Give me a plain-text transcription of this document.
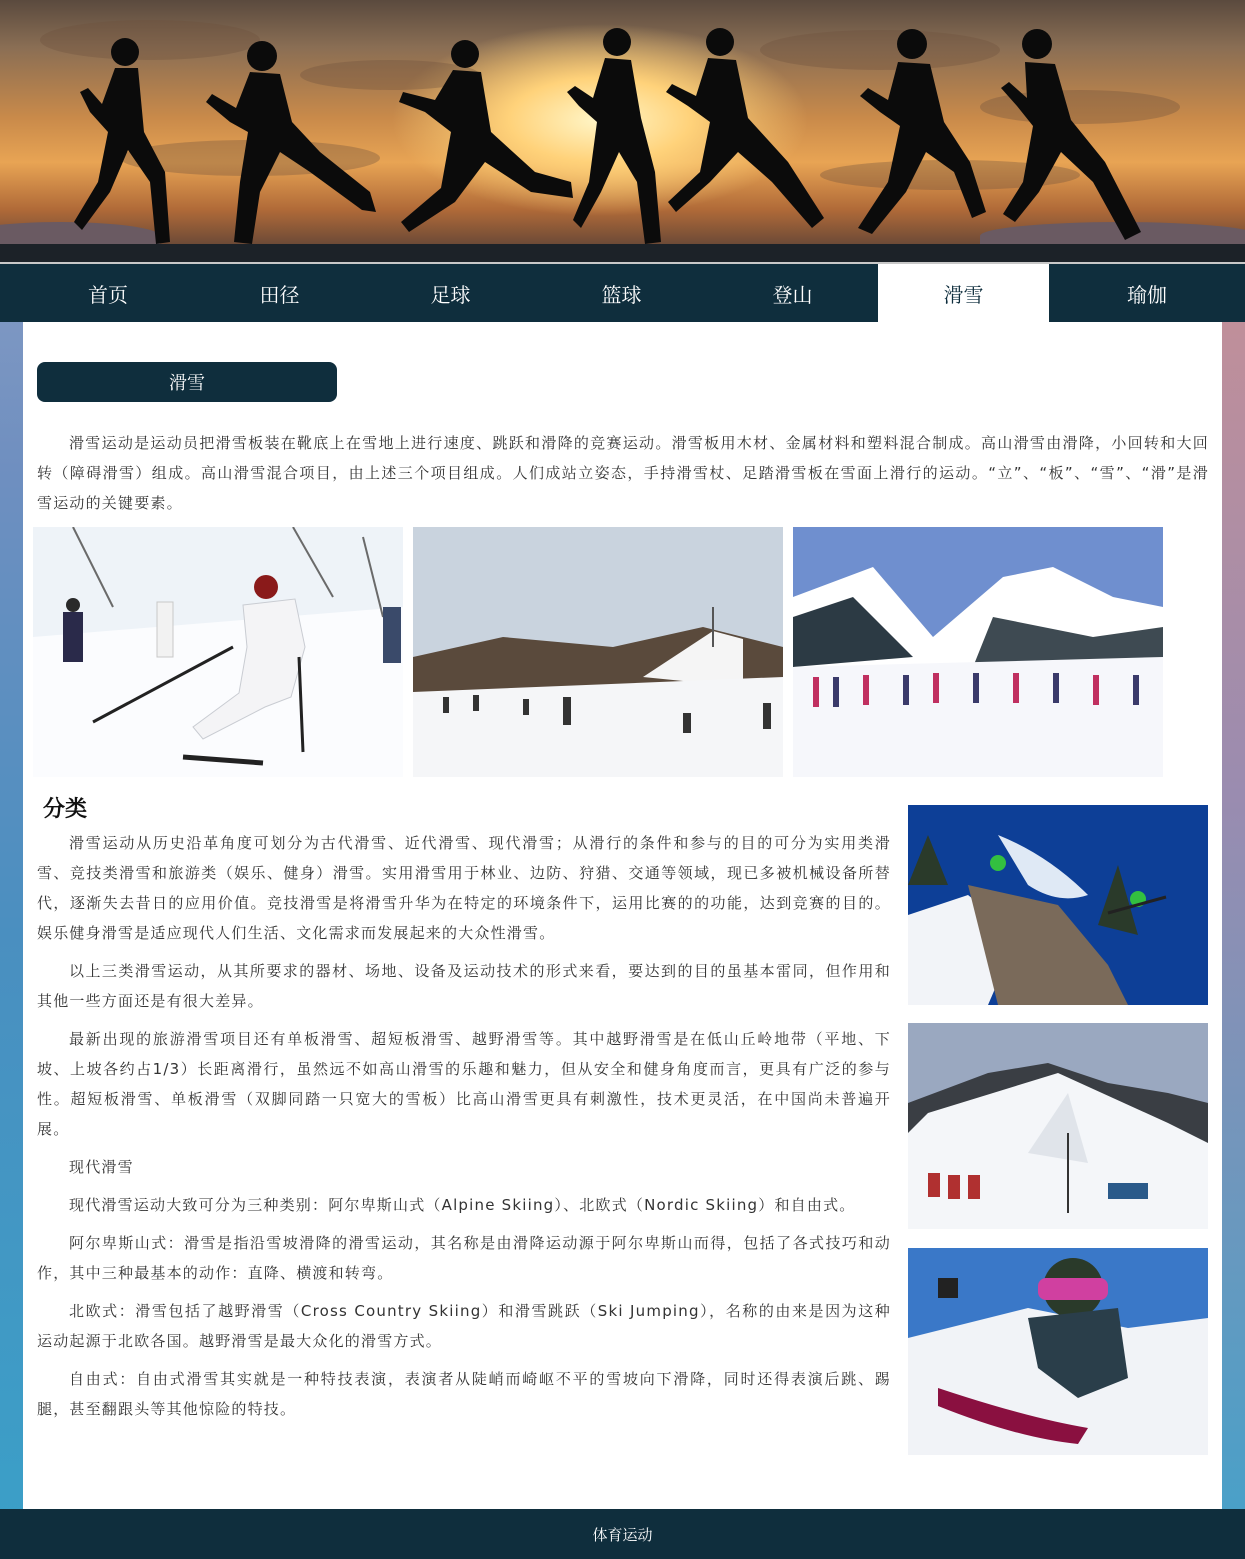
首页	田径	足球	篮球	登山	滑雪	瑜伽
滑雪

滑雪运动是运动员把滑雪板装在靴底上在雪地上进行速度、跳跃和滑降的竞赛运动。滑雪板用木材、金属材料和塑料混合制成。高山滑雪由滑降，小回转和大回转（障碍滑雪）组成。高山滑雪混合项目，由上述三个项目组成。人们成站立姿态，手持滑雪杖、足踏滑雪板在雪面上滑行的运动。“立”、“板”、“雪”、“滑”是滑雪运动的关键要素。

分类

滑雪运动从历史沿革角度可划分为古代滑雪、近代滑雪、现代滑雪；从滑行的条件和参与的目的可分为实用类滑雪、竞技类滑雪和旅游类（娱乐、健身）滑雪。实用滑雪用于林业、边防、狩猎、交通等领域，现已多被机械设备所替代，逐渐失去昔日的应用价值。竞技滑雪是将滑雪升华为在特定的环境条件下，运用比赛的的功能，达到竞赛的目的。娱乐健身滑雪是适应现代人们生活、文化需求而发展起来的大众性滑雪。

以上三类滑雪运动，从其所要求的器材、场地、设备及运动技术的形式来看，要达到的目的虽基本雷同，但作用和其他一些方面还是有很大差异。

最新出现的旅游滑雪项目还有单板滑雪、超短板滑雪、越野滑雪等。其中越野滑雪是在低山丘岭地带（平地、下坡、上坡各约占1/3）长距离滑行，虽然远不如高山滑雪的乐趣和魅力，但从安全和健身角度而言，更具有广泛的参与性。超短板滑雪、单板滑雪（双脚同踏一只宽大的雪板）比高山滑雪更具有刺激性，技术更灵活，在中国尚未普遍开展。

现代滑雪

现代滑雪运动大致可分为三种类别：阿尔卑斯山式（Alpine Skiing）、北欧式（Nordic Skiing）和自由式。

阿尔卑斯山式：滑雪是指沿雪坡滑降的滑雪运动，其名称是由滑降运动源于阿尔卑斯山而得，包括了各式技巧和动作，其中三种最基本的动作：直降、横渡和转弯。

北欧式：滑雪包括了越野滑雪（Cross Country Skiing）和滑雪跳跃（Ski Jumping），名称的由来是因为这种运动起源于北欧各国。越野滑雪是最大众化的滑雪方式。

自由式：自由式滑雪其实就是一种特技表演，表演者从陡峭而崎岖不平的雪坡向下滑降，同时还得表演后跳、踢腿，甚至翻跟头等其他惊险的特技。

体育运动
